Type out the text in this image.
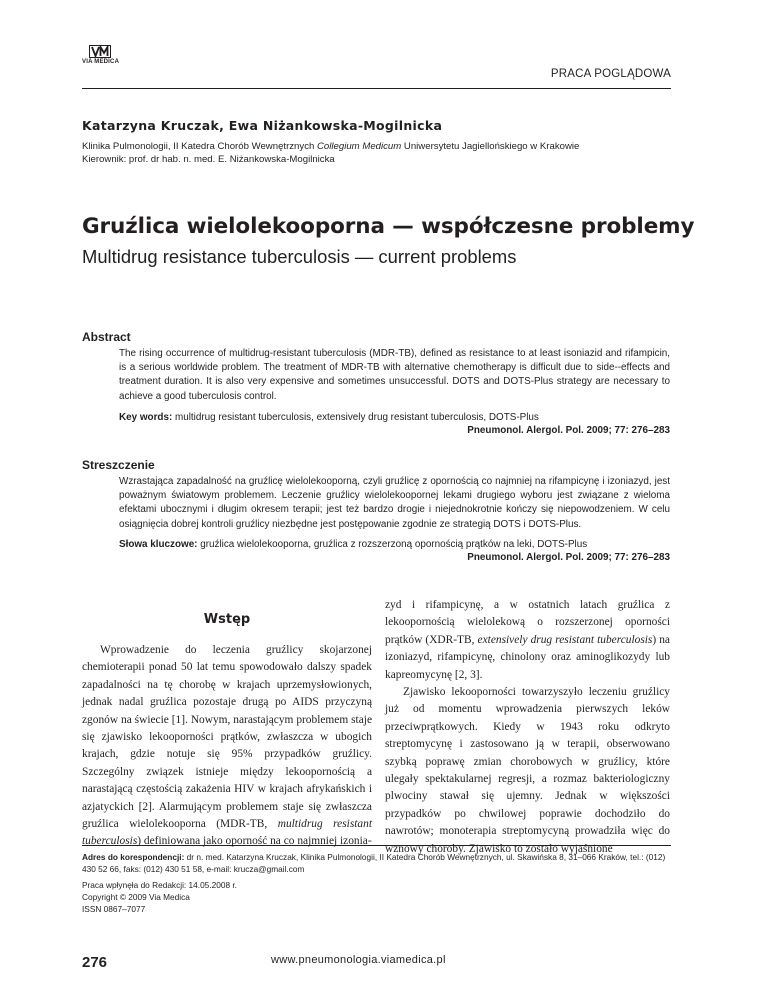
VIA MEDICA
PRACA POGLĄDOWA
Katarzyna Kruczak, Ewa Niżankowska-Mogilnicka
Klinika Pulmonologii, II Katedra Chorób Wewnętrznych Collegium Medicum Uniwersytetu Jagiellońskiego w Krakowie
Kierownik: prof. dr hab. n. med. E. Niżankowska-Mogilnicka
Gruźlica wielolekooporna — współczesne problemy
Multidrug resistance tuberculosis — current problems
Abstract
The rising occurrence of multidrug-resistant tuberculosis (MDR-TB), defined as resistance to at least isoniazid and rifampicin, is a serious worldwide problem. The treatment of MDR-TB with alternative chemotherapy is difficult due to side--effects and treatment duration. It is also very expensive and sometimes unsuccessful. DOTS and DOTS-Plus strategy are necessary to achieve a good tuberculosis control.
Key words: multidrug resistant tuberculosis, extensively drug resistant tuberculosis, DOTS-Plus
Pneumonol. Alergol. Pol. 2009; 77: 276–283
Streszczenie
Wzrastająca zapadalność na gruźlicę wielolekooporną, czyli gruźlicę z opornością co najmniej na rifampicynę i izoniazyd, jest poważnym światowym problemem. Leczenie gruźlicy wielolekoopornej lekami drugiego wyboru jest związane z wieloma efektami ubocznymi i długim okresem terapii; jest też bardzo drogie i niejednokrotnie kończy się niepowodzeniem. W celu osiągnięcia dobrej kontroli gruźlicy niezbędne jest postępowanie zgodnie ze strategią DOTS i DOTS-Plus.
Słowa kluczowe: gruźlica wielolekooporna, gruźlica z rozszerzoną opornością prątków na leki, DOTS-Plus
Pneumonol. Alergol. Pol. 2009; 77: 276–283
Wstęp

Wprowadzenie do leczenia gruźlicy skojarzonej chemioterapii ponad 50 lat temu spowodowało dalszy spadek zapadalności na tę chorobę w krajach uprzemysłowionych, jednak nadal gruźlica pozostaje drugą po AIDS przyczyną zgonów na świecie [1]. Nowym, narastającym problemem staje się zjawisko lekooporności prątków, zwłaszcza w ubogich krajach, gdzie notuje się 95% przypadków gruźlicy. Szczególny związek istnieje między lekoopornością a narastającą częstością zakażenia HIV w krajach afrykańskich i azjatyckich [2]. Alarmującym problemem staje się zwłaszcza gruźlica wielolekooporna (MDR-TB, multidrug resistant tuberculosis) definiowana jako oporność na co najmniej izonia-

zyd i rifampicynę, a w ostatnich latach gruźlica z lekoopornością wielolekową o rozszerzonej oporności prątków (XDR-TB, extensively drug resistant tuberculosis) na izoniazyd, rifampicynę, chinolony oraz aminoglikozydy lub kapreomycynę [2, 3].

Zjawisko lekooporności towarzyszyło leczeniu gruźlicy już od momentu wprowadzenia pierwszych leków przeciwprątkowych. Kiedy w 1943 roku odkryto streptomycynę i zastosowano ją w terapii, obserwowano szybką poprawę zmian chorobowych w gruźlicy, które ulegały spektakularnej regresji, a rozmaz bakteriologiczny plwociny stawał się ujemny. Jednak w większości przypadków po chwilowej poprawie dochodziło do nawrotów; monoterapia streptomycyną prowadziła więc do wznowy choroby. Zjawisko to zostało wyjaśnione

Adres do korespondencji: dr n. med. Katarzyna Kruczak, Klinika Pulmonologii, II Katedra Chorób Wewnętrznych, ul. Skawińska 8, 31–066 Kraków, tel.: (012) 430 52 66, faks: (012) 430 51 58, e-mail: krucza@gmail.com
Praca wpłynęła do Redakcji: 14.05.2008 r.
Copyright © 2009 Via Medica
ISSN 0867–7077
276	www.pneumonologia.viamedica.pl
